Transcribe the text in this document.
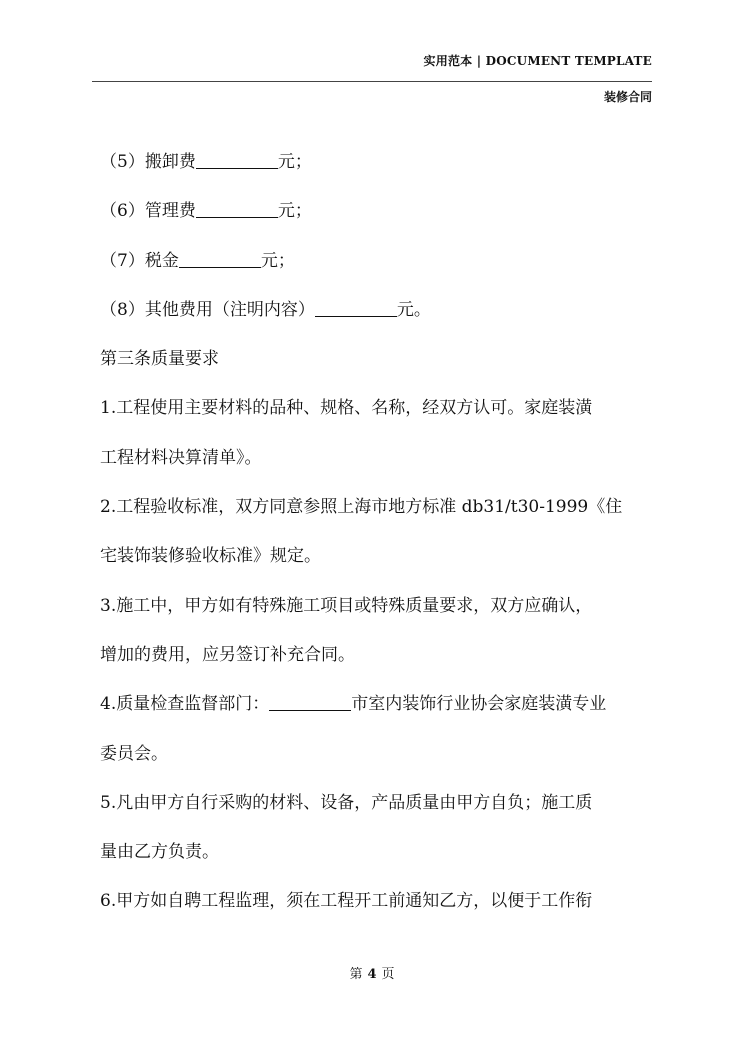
实用范本 | DOCUMENT TEMPLATE
装修合同
（5）搬卸费	元；
（6）管理费	元；
（7）税金	元；
（8）其他费用（注明内容）	元。
第三条质量要求
1.工程使用主要材料的品种、规格、名称，经双方认可。家庭装潢
工程材料决算清单》。
2.工程验收标准，双方同意参照上海市地方标准 db31/t30-1999《住
宅装饰装修验收标准》规定。
3.施工中，甲方如有特殊施工项目或特殊质量要求，双方应确认，
增加的费用，应另签订补充合同。
4.质量检查监督部门：	市室内装饰行业协会家庭装潢专业
委员会。
5.凡由甲方自行采购的材料、设备，产品质量由甲方自负；施工质
量由乙方负责。
6.甲方如自聘工程监理，须在工程开工前通知乙方，以便于工作衔
第 4 页
